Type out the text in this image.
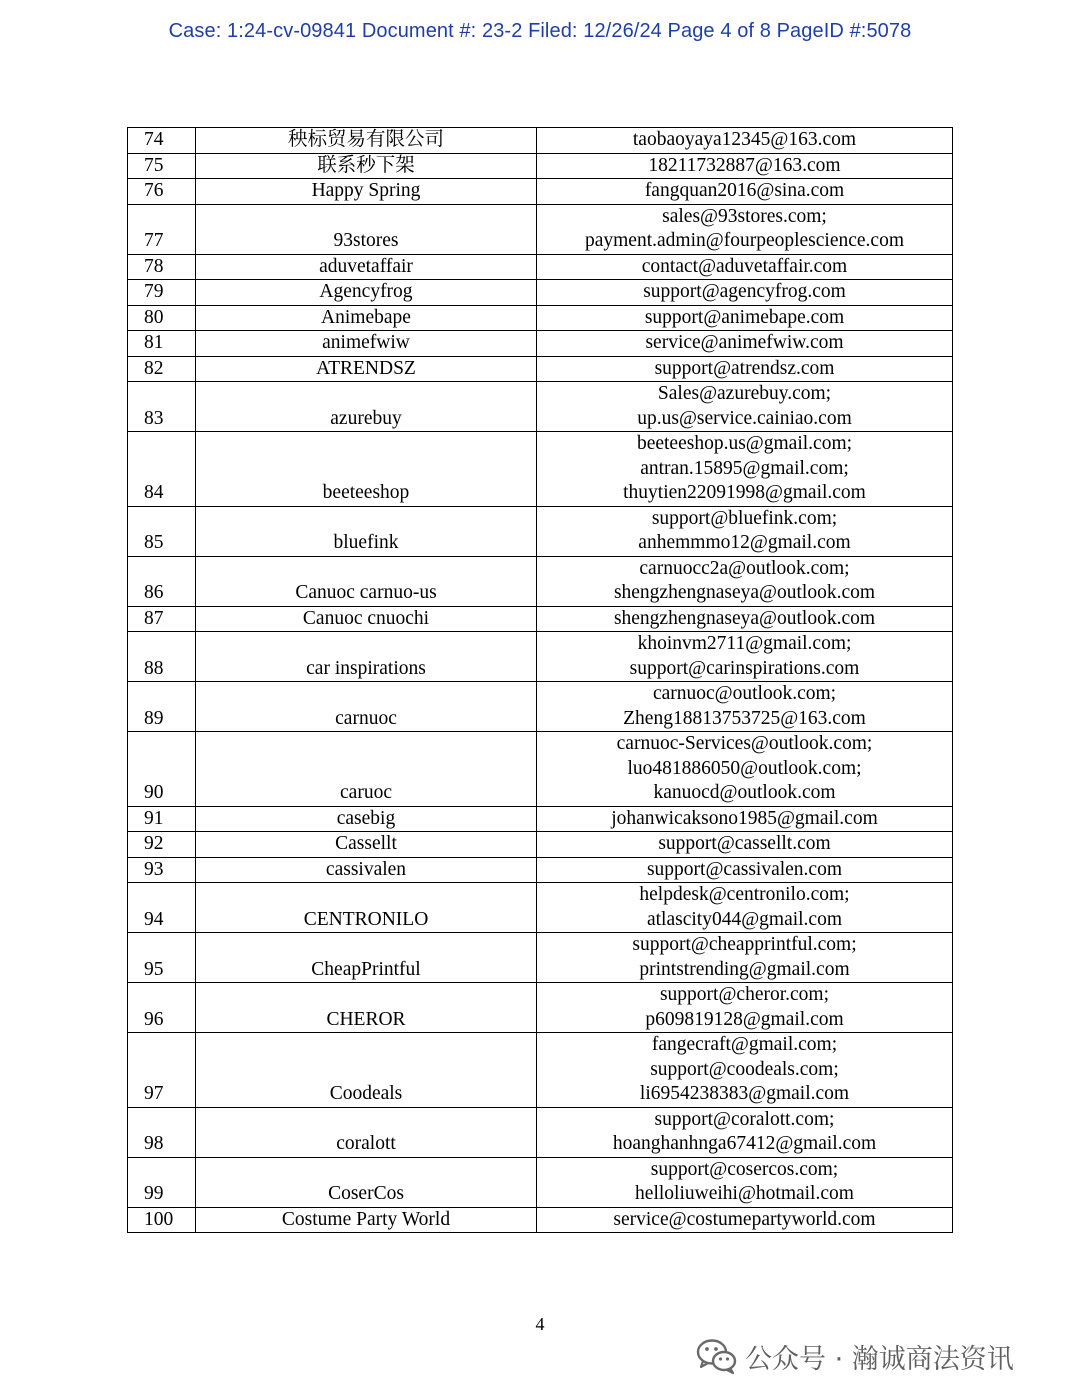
Case: 1:24-cv-09841 Document #: 23-2 Filed: 12/26/24 Page 4 of 8 PageID #:5078
74	秧标贸易有限公司	taobaoyaya12345@163.com

75	联系秒下架	18211732887@163.com

76	Happy Spring	fangquan2016@sina.com

77	93stores	sales@93stores.com;
payment.admin@fourpeoplescience.com

78	aduvetaffair	contact@aduvetaffair.com

79	Agencyfrog	support@agencyfrog.com

80	Animebape	support@animebape.com

81	animefwiw	service@animefwiw.com

82	ATRENDSZ	support@atrendsz.com

83	azurebuy	Sales@azurebuy.com;
up.us@service.cainiao.com

84	beeteeshop	beeteeshop.us@gmail.com;
antran.15895@gmail.com;
thuytien22091998@gmail.com

85	bluefink	support@bluefink.com;
anhemmmo12@gmail.com

86	Canuoc carnuo-us	carnuocc2a@outlook.com;
shengzhengnaseya@outlook.com

87	Canuoc cnuochi	shengzhengnaseya@outlook.com

88	car inspirations	khoinvm2711@gmail.com;
support@carinspirations.com

89	carnuoc	carnuoc@outlook.com;
Zheng18813753725@163.com

90	caruoc	carnuoc-Services@outlook.com;
luo481886050@outlook.com;
kanuocd@outlook.com

91	casebig	johanwicaksono1985@gmail.com

92	Cassellt	support@cassellt.com

93	cassivalen	support@cassivalen.com

94	CENTRONILO	helpdesk@centronilo.com;
atlascity044@gmail.com

95	CheapPrintful	support@cheapprintful.com;
printstrending@gmail.com

96	CHEROR	support@cheror.com;
p609819128@gmail.com

97	Coodeals	fangecraft@gmail.com;
support@coodeals.com;
li6954238383@gmail.com

98	coralott	support@coralott.com;
hoanghanhnga67412@gmail.com

99	CoserCos	support@cosercos.com;
helloliuweihi@hotmail.com

100	Costume Party World	service@costumepartyworld.com
4
公众号 · 瀚诚商法资讯
